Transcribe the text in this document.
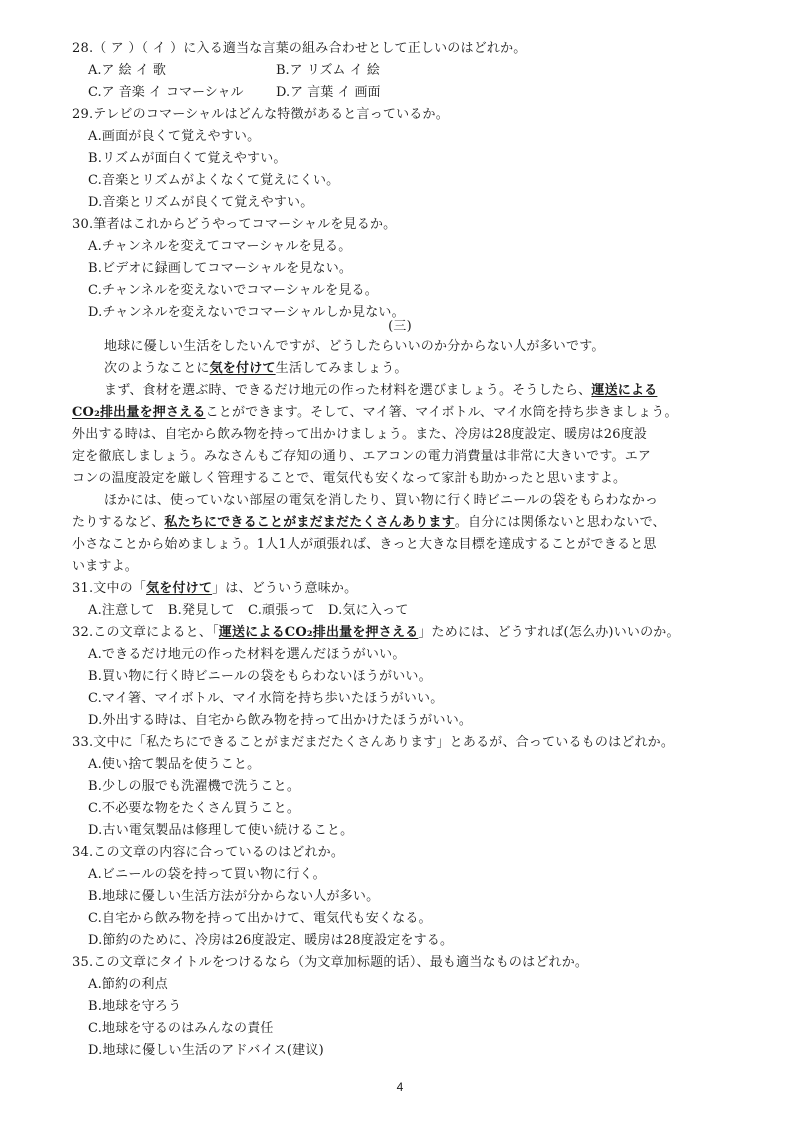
28.（ ア ）（ イ ）に入る適当な言葉の組み合わせとして正しいのはどれか。
A.ア 絵 イ 歌	B.ア リズム イ 絵
C.ア 音楽 イ コマーシャル	D.ア 言葉 イ 画面
29.テレビのコマーシャルはどんな特徴があると言っているか。
A.画面が良くて覚えやすい。
B.リズムが面白くて覚えやすい。
C.音楽とリズムがよくなくて覚えにくい。
D.音楽とリズムが良くて覚えやすい。
30.筆者はこれからどうやってコマーシャルを見るか。
A.チャンネルを変えてコマーシャルを見る。
B.ビデオに録画してコマーシャルを見ない。
C.チャンネルを変えないでコマーシャルを見る。
D.チャンネルを変えないでコマーシャルしか見ない。
(三)
地球に優しい生活をしたいんですが、どうしたらいいのか分からない人が多いです。
次のようなことに気を付けて生活してみましょう。
まず、食材を選ぶ時、できるだけ地元の作った材料を選びましょう。そうしたら、運送による
CO₂排出量を押さえることができます。そして、マイ箸、マイボトル、マイ水筒を持ち歩きましょう。
外出する時は、自宅から飲み物を持って出かけましょう。また、冷房は28度設定、暖房は26度設
定を徹底しましょう。みなさんもご存知の通り、エアコンの電力消費量は非常に大きいです。エア
コンの温度設定を厳しく管理することで、電気代も安くなって家計も助かったと思いますよ。
ほかには、使っていない部屋の電気を消したり、買い物に行く時ビニールの袋をもらわなかっ
たりするなど、私たちにできることがまだまだたくさんあります。自分には関係ないと思わないで、
小さなことから始めましょう。1人1人が頑張れば、きっと大きな目標を達成することができると思
いますよ。
31.文中の「気を付けて」は、どういう意味か。
A.注意して　B.発見して　C.頑張って　D.気に入って
32.この文章によると、「運送によるCO₂排出量を押さえる」ためには、どうすれば(怎么办)いいのか。
A.できるだけ地元の作った材料を選んだほうがいい。
B.買い物に行く時ビニールの袋をもらわないほうがいい。
C.マイ箸、マイボトル、マイ水筒を持ち歩いたほうがいい。
D.外出する時は、自宅から飲み物を持って出かけたほうがいい。
33.文中に「私たちにできることがまだまだたくさんあります」とあるが、合っているものはどれか。
A.使い捨て製品を使うこと。
B.少しの服でも洗濯機で洗うこと。
C.不必要な物をたくさん買うこと。
D.古い電気製品は修理して使い続けること。
34.この文章の内容に合っているのはどれか。
A.ビニールの袋を持って買い物に行く。
B.地球に優しい生活方法が分からない人が多い。
C.自宅から飲み物を持って出かけて、電気代も安くなる。
D.節約のために、冷房は26度設定、暖房は28度設定をする。
35.この文章にタイトルをつけるなら（为文章加标题的话）、最も適当なものはどれか。
A.節約の利点
B.地球を守ろう
C.地球を守るのはみんなの責任
D.地球に優しい生活のアドバイス(建议)
4
